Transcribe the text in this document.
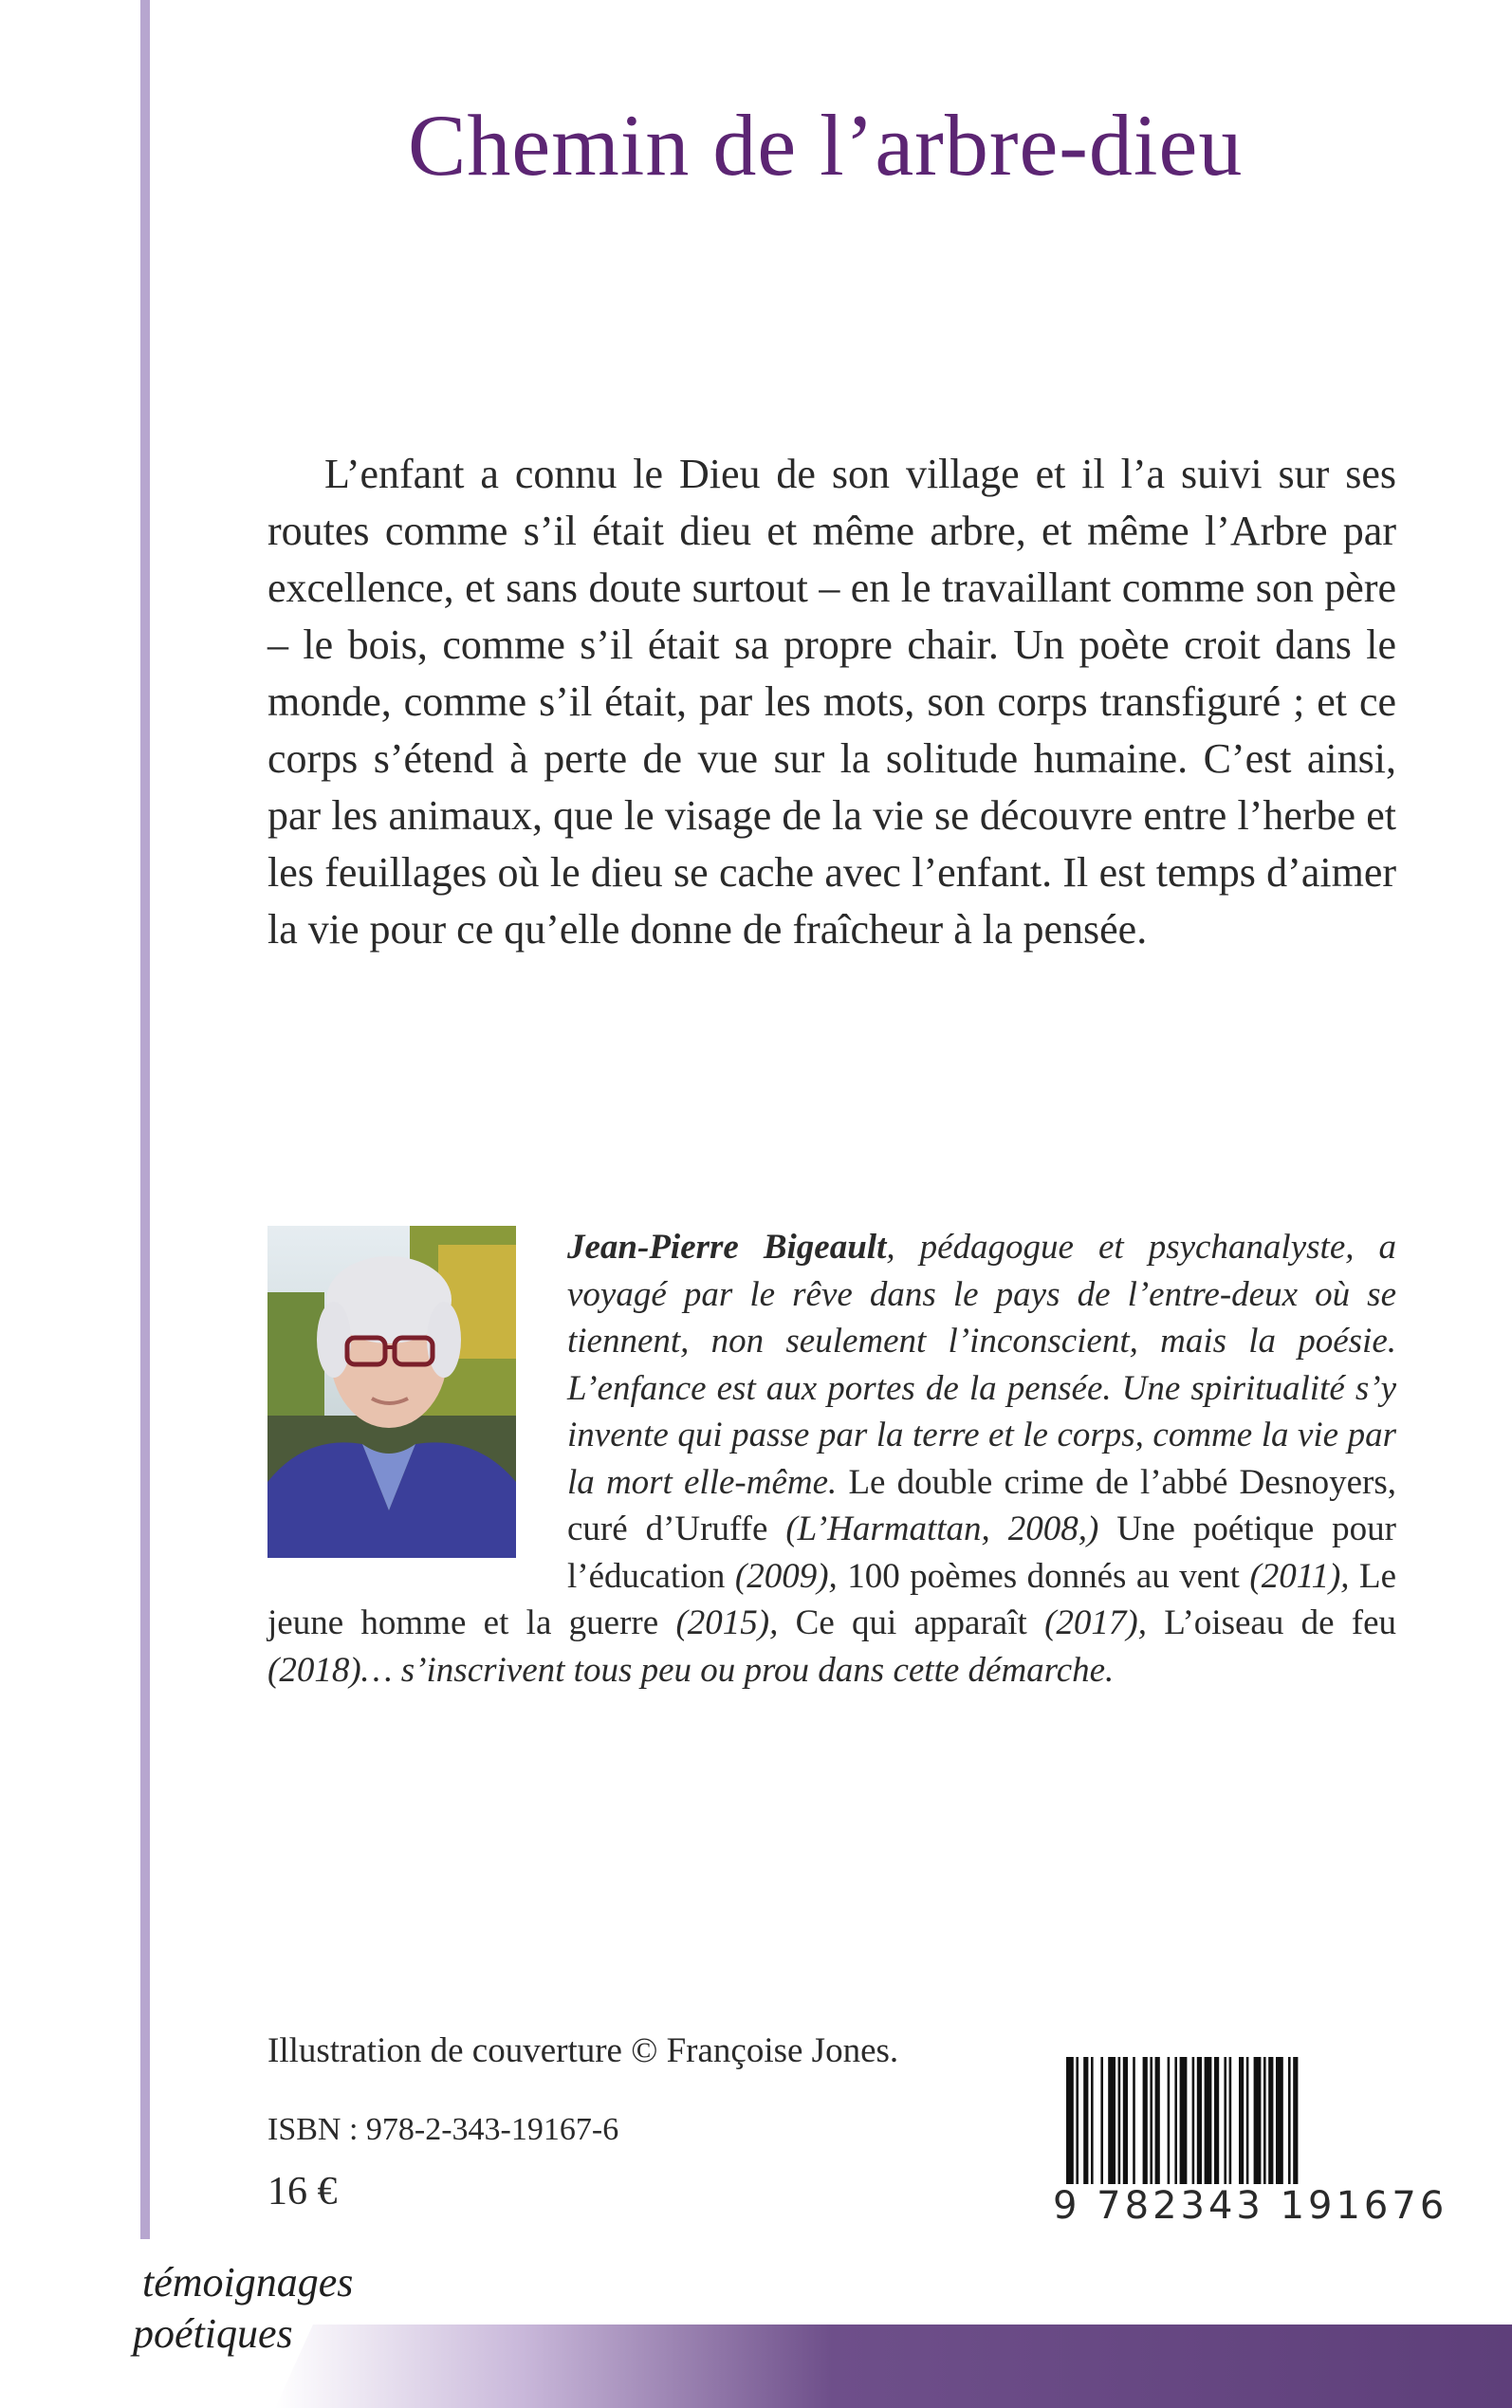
Chemin de l’arbre-dieu

L’enfant a connu le Dieu de son village et il l’a suivi sur ses routes comme s’il était dieu et même arbre, et même l’Arbre par excellence, et sans doute surtout – en le travaillant comme son père – le bois, comme s’il était sa propre chair. Un poète croit dans le monde, comme s’il était, par les mots, son corps transfiguré ; et ce corps s’étend à perte de vue sur la solitude humaine. C’est ainsi, par les animaux, que le visage de la vie se découvre entre l’herbe et les feuillages où le dieu se cache avec l’enfant. Il est temps d’aimer la vie pour ce qu’elle donne de fraîcheur à la pensée.

Jean-Pierre Bigeault, pédagogue et psychanalyste, a voyagé par le rêve dans le pays de l’entre-deux où se tiennent, non seulement l’inconscient, mais la poésie. L’enfance est aux portes de la pensée. Une spiritualité s’y invente qui passe par la terre et le corps, comme la vie par la mort elle-même. Le double crime de l’abbé Desnoyers, curé d’Uruffe (L’Harmattan, 2008,) Une poétique pour l’éducation (2009), 100 poèmes donnés au vent (2011), Le jeune homme et la guerre (2015), Ce qui apparaît (2017), L’oiseau de feu (2018)… s’inscrivent tous peu ou prou dans cette démarche.
Illustration de couverture © Françoise Jones.
ISBN : 978-2-343-19167-6
16 €	9 782343 191676
témoignages
poétiques
